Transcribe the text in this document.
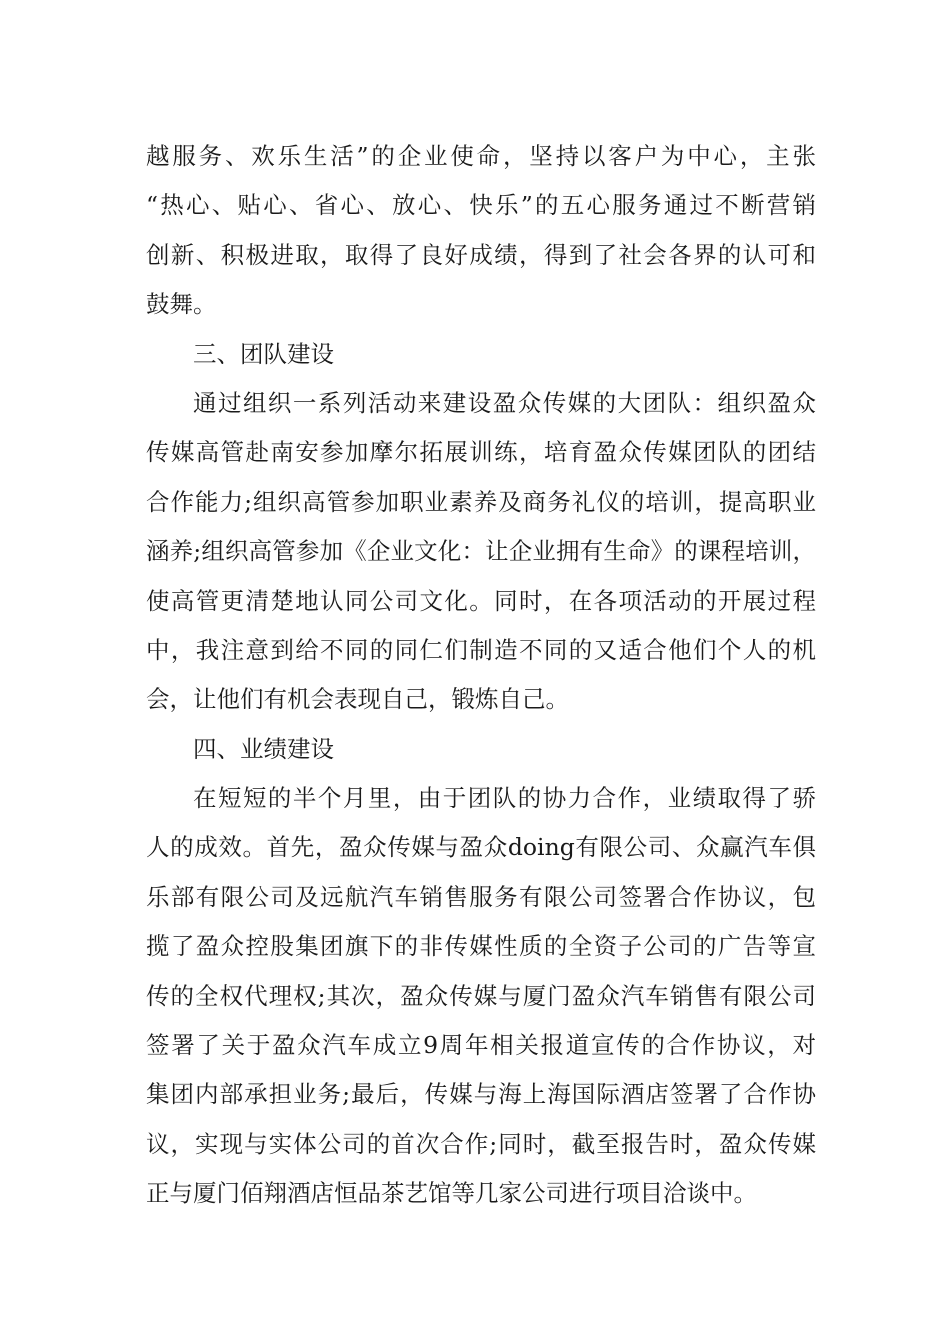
越服务、欢乐生活”的企业使命，坚持以客户为中心，主张
“热心、贴心、省心、放心、快乐”的五心服务通过不断营销
创新、积极进取，取得了良好成绩，得到了社会各界的认可和
鼓舞。
三、团队建设
通过组织一系列活动来建设盈众传媒的大团队：组织盈众
传媒高管赴南安参加摩尔拓展训练，培育盈众传媒团队的团结
合作能力;组织高管参加职业素养及商务礼仪的培训，提高职业
涵养;组织高管参加《企业文化：让企业拥有生命》的课程培训，
使高管更清楚地认同公司文化。同时，在各项活动的开展过程
中，我注意到给不同的同仁们制造不同的又适合他们个人的机
会，让他们有机会表现自己，锻炼自己。
四、业绩建设
在短短的半个月里，由于团队的协力合作，业绩取得了骄
人的成效。首先，盈众传媒与盈众doing有限公司、众赢汽车俱
乐部有限公司及远航汽车销售服务有限公司签署合作协议，包
揽了盈众控股集团旗下的非传媒性质的全资子公司的广告等宣
传的全权代理权;其次，盈众传媒与厦门盈众汽车销售有限公司
签署了关于盈众汽车成立9周年相关报道宣传的合作协议，对
集团内部承担业务;最后，传媒与海上海国际酒店签署了合作协
议，实现与实体公司的首次合作;同时，截至报告时，盈众传媒
正与厦门佰翔酒店恒品茶艺馆等几家公司进行项目洽谈中。
